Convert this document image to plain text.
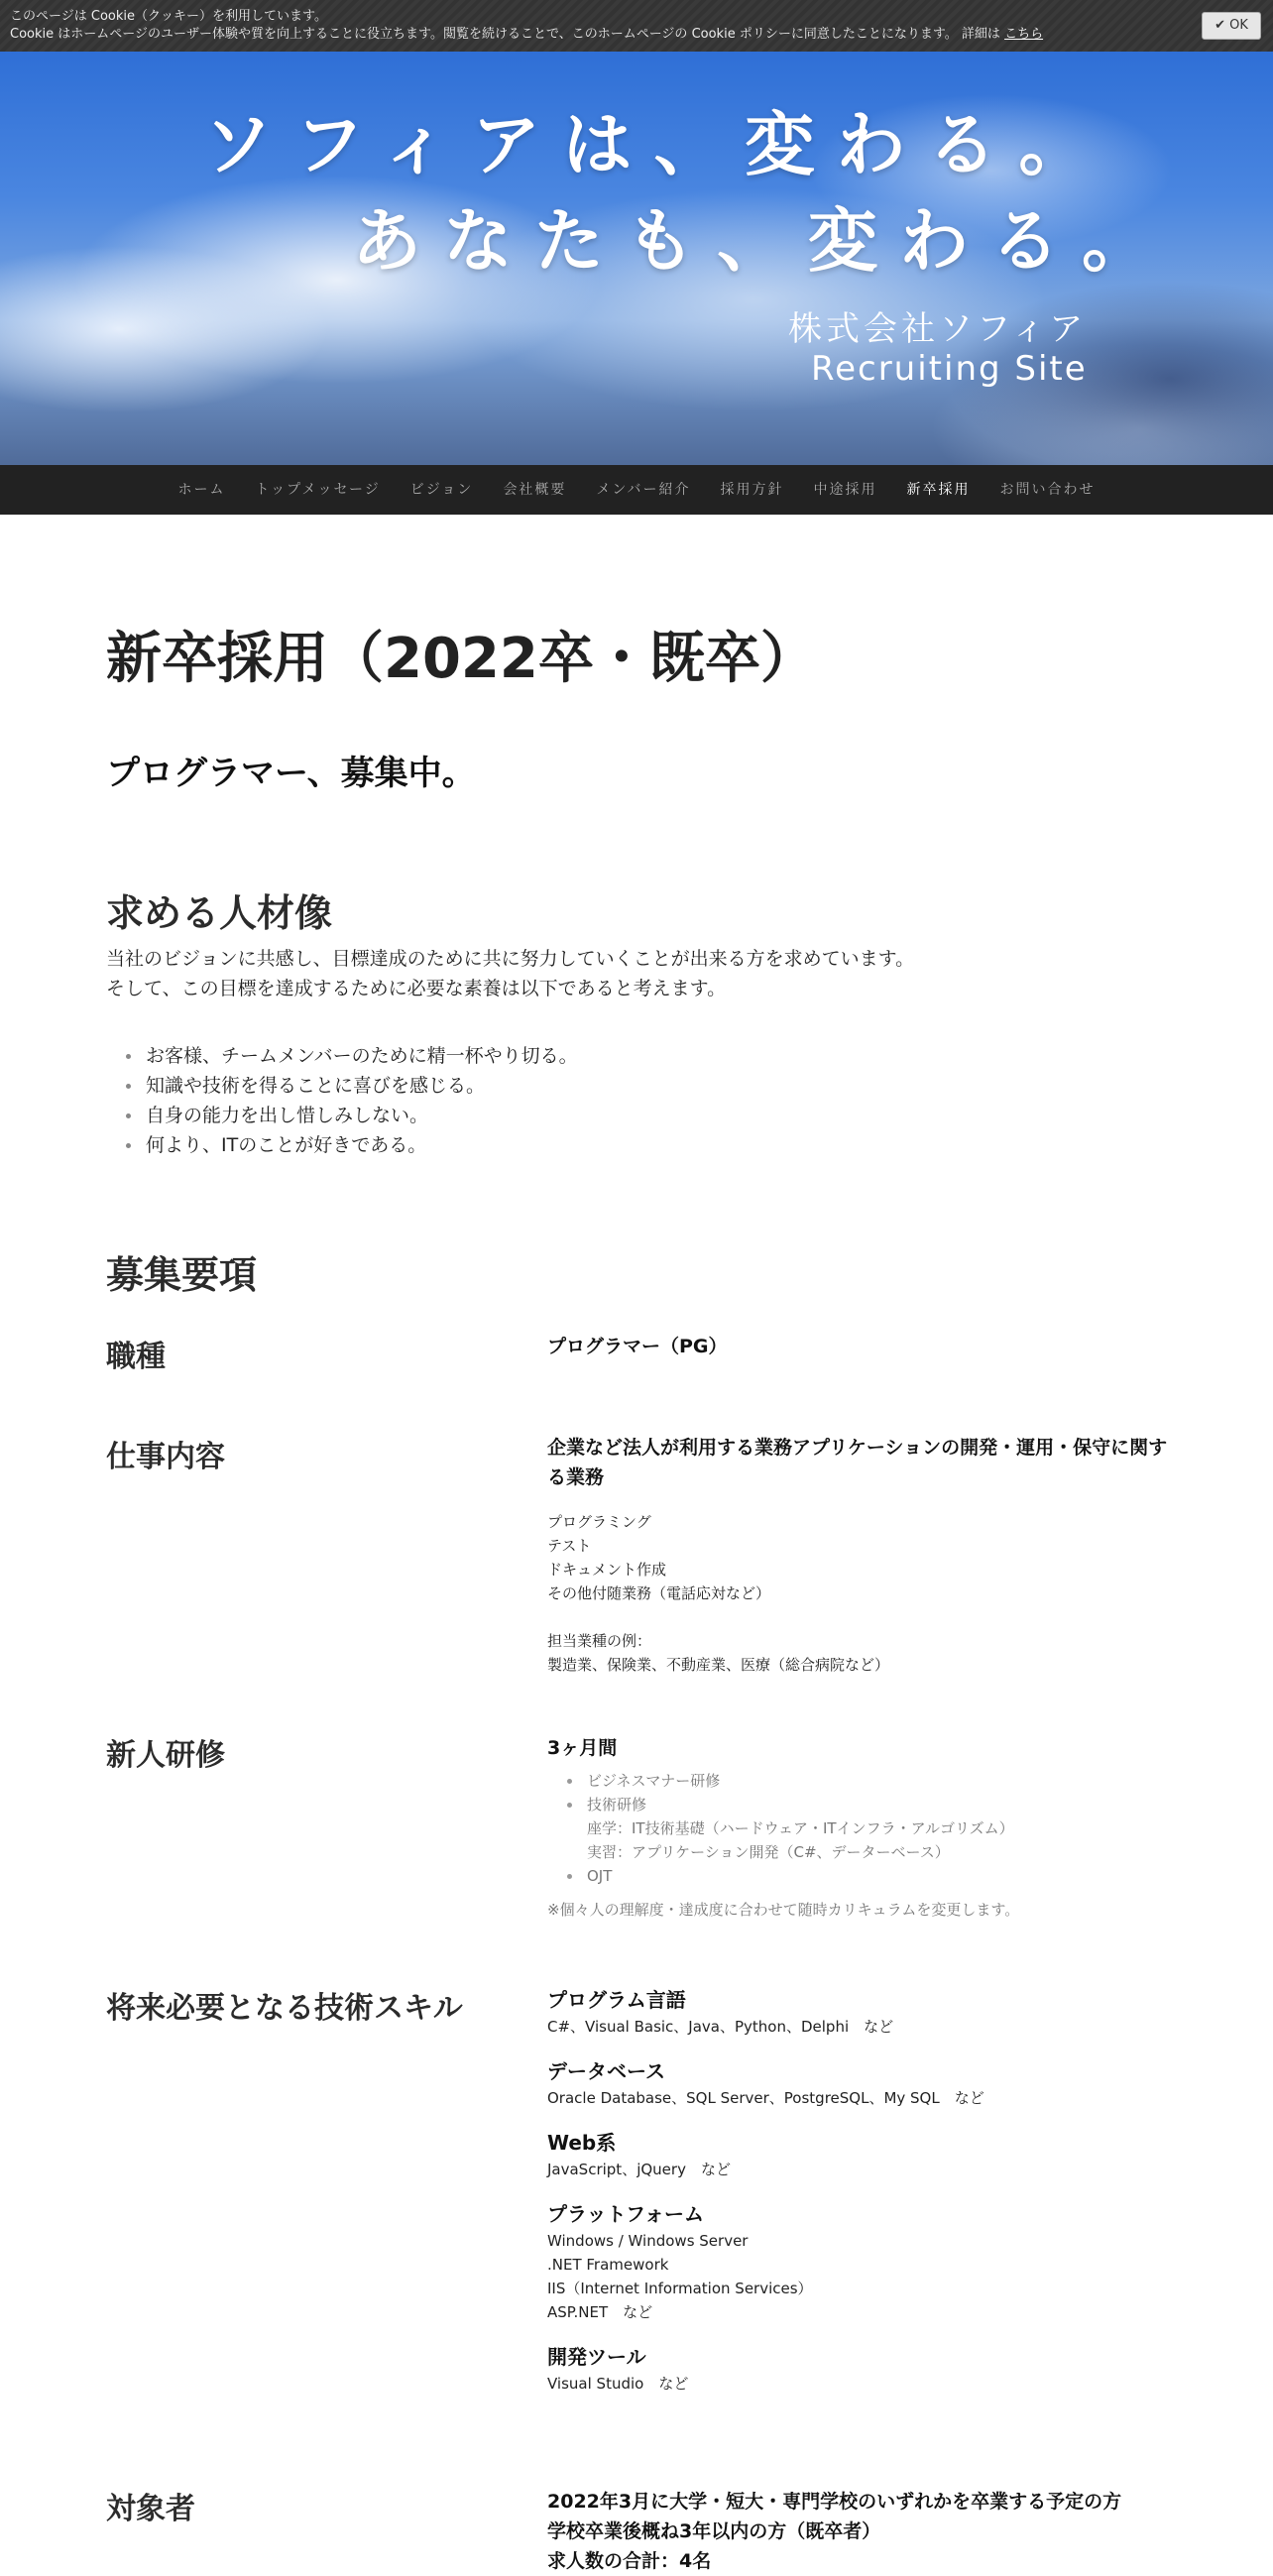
このページは Cookie（クッキー）を利用しています。
Cookie はホームページのユーザー体験や質を向上することに役立ちます。閲覧を続けることで、このホームページの Cookie ポリシーに同意したことになります。 詳細は こちら
✔ OK
ソフィアは、変わる。
あなたも、変わる。
株式会社ソフィア
Recruiting Site
ホーム	トップメッセージ	ビジョン	会社概要	メンバー紹介	採用方針	中途採用	新卒採用	お問い合わせ
新卒採用（2022卒・既卒）
プログラマー、募集中。
求める人材像
当社のビジョンに共感し、目標達成のために共に努力していくことが出来る方を求めています。
そして、この目標を達成するために必要な素養は以下であると考えます。
お客様、チームメンバーのために精一杯やり切る。
知識や技術を得ることに喜びを感じる。
自身の能力を出し惜しみしない。
何より、ITのことが好きである。
募集要項
職種	プログラマー（PG）
仕事内容	企業など法人が利用する業務アプリケーションの開発・運用・保守に関する業務
プログラミング
テスト
ドキュメント作成
その他付随業務（電話応対など）
担当業種の例：
製造業、保険業、不動産業、医療（総合病院など）
新人研修	3ヶ月間
ビジネスマナー研修
技術研修
座学：IT技術基礎（ハードウェア・ITインフラ・アルゴリズム）
実習：アプリケーション開発（C#、データーベース）
OJT
※個々人の理解度・達成度に合わせて随時カリキュラムを変更します。
将来必要となる技術スキル	プログラム言語
C#、Visual Basic、Java、Python、Delphi　など
データベース
Oracle Database、SQL Server、PostgreSQL、My SQL　など
Web系
JavaScript、jQuery　など
プラットフォーム
Windows / Windows Server
.NET Framework
IIS（Internet Information Services）
ASP.NET　など
開発ツール
Visual Studio　など
対象者	2022年3月に大学・短大・専門学校のいずれかを卒業する予定の方
学校卒業後概ね3年以内の方（既卒者）
求人数の合計：4名
